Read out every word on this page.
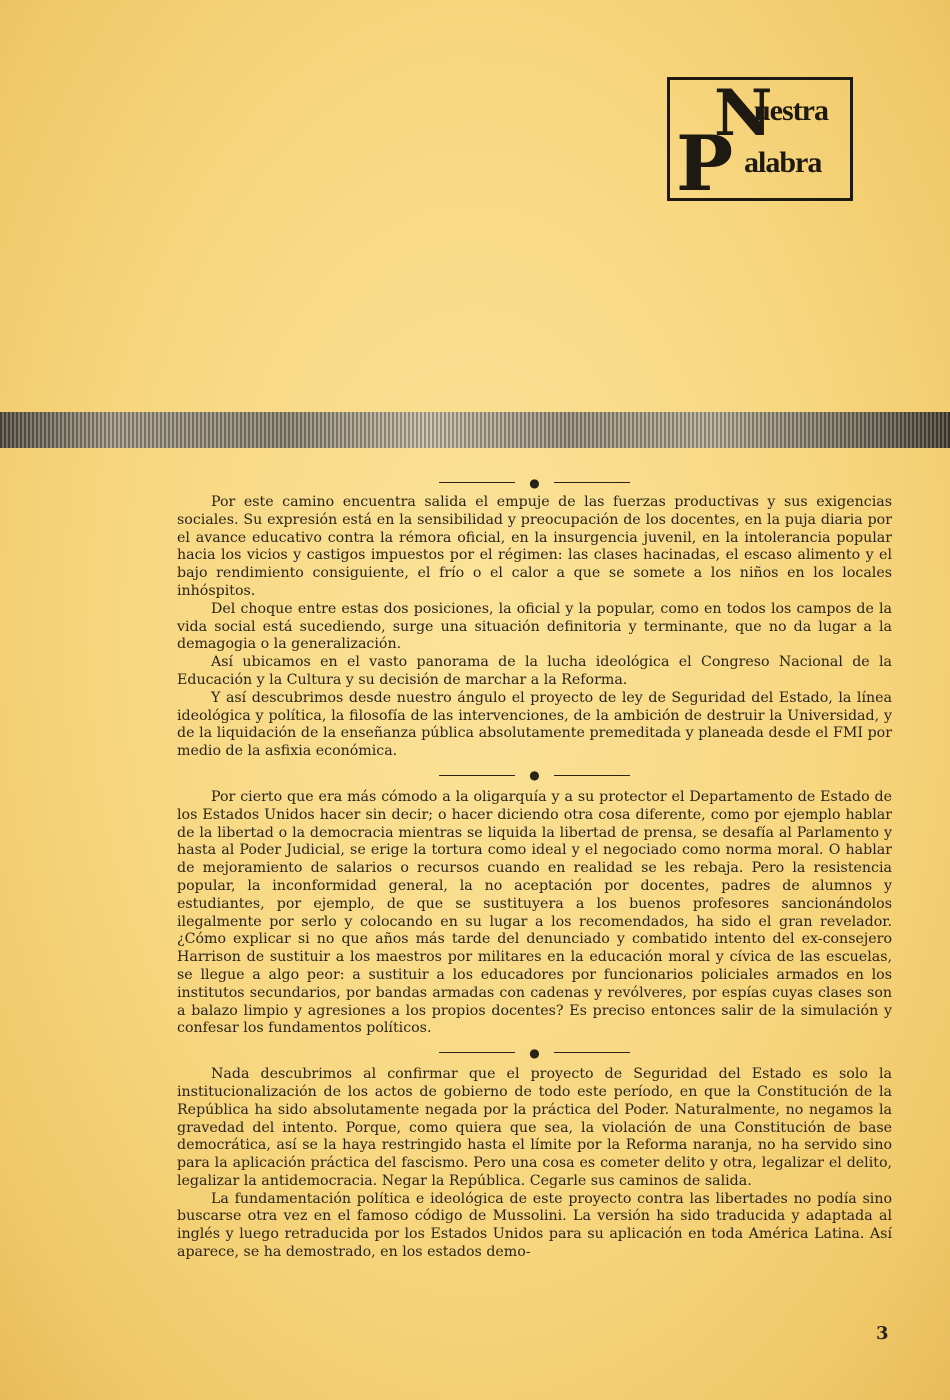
N
uestra
P alabra
●

Por este camino encuentra salida el empuje de las fuerzas productivas y sus exigencias sociales. Su expresión está en la sensibilidad y preocupación de los docentes, en la puja diaria por el avance educativo contra la rémora oficial, en la insurgencia juvenil, en la intolerancia popular hacia los vicios y castigos impuestos por el régimen: las clases hacinadas, el escaso alimento y el bajo rendimiento consiguiente, el frío o el calor a que se somete a los niños en los locales inhóspitos.

Del choque entre estas dos posiciones, la oficial y la popular, como en todos los campos de la vida social está sucediendo, surge una situación definitoria y terminante, que no da lugar a la demagogia o la generalización.

Así ubicamos en el vasto panorama de la lucha ideológica el Congreso Nacional de la Educación y la Cultura y su decisión de marchar a la Reforma.

Y así descubrimos desde nuestro ángulo el proyecto de ley de Seguridad del Estado, la línea ideológica y política, la filosofía de las intervenciones, de la ambición de destruir la Universidad, y de la liquidación de la enseñanza pública absolutamente premeditada y planeada desde el FMI por medio de la asfixia económica.

●

Por cierto que era más cómodo a la oligarquía y a su protector el Departamento de Estado de los Estados Unidos hacer sin decir; o hacer diciendo otra cosa diferente, como por ejemplo hablar de la libertad o la democracia mientras se liquida la libertad de prensa, se desafía al Parlamento y hasta al Poder Judicial, se erige la tortura como ideal y el negociado como norma moral. O hablar de mejoramiento de salarios o recursos cuando en realidad se les rebaja. Pero la resistencia popular, la inconformidad general, la no aceptación por docentes, padres de alumnos y estudiantes, por ejemplo, de que se sustituyera a los buenos profesores sancionándolos ilegalmente por serlo y colocando en su lugar a los recomendados, ha sido el gran revelador. ¿Cómo explicar si no que años más tarde del denunciado y combatido intento del ex-consejero Harrison de sustituir a los maestros por militares en la educación moral y cívica de las escuelas, se llegue a algo peor: a sustituir a los educadores por funcionarios policiales armados en los institutos secundarios, por bandas armadas con cadenas y revólveres, por espías cuyas clases son a balazo limpio y agresiones a los propios docentes? Es preciso entonces salir de la simulación y confesar los fundamentos políticos.

●

Nada descubrimos al confirmar que el proyecto de Seguridad del Estado es solo la institucionalización de los actos de gobierno de todo este período, en que la Constitución de la República ha sido absolutamente negada por la práctica del Poder. Naturalmente, no negamos la gravedad del intento. Porque, como quiera que sea, la violación de una Constitución de base democrática, así se la haya restringido hasta el límite por la Reforma naranja, no ha servido sino para la aplicación práctica del fascismo. Pero una cosa es cometer delito y otra, legalizar el delito, legalizar la antidemocracia. Negar la República. Cegarle sus caminos de salida.

La fundamentación política e ideológica de este proyecto contra las libertades no podía sino buscarse otra vez en el famoso código de Mussolini. La versión ha sido traducida y adaptada al inglés y luego retraducida por los Estados Unidos para su aplicación en toda América Latina. Así aparece, se ha demostrado, en los estados demo-

3
